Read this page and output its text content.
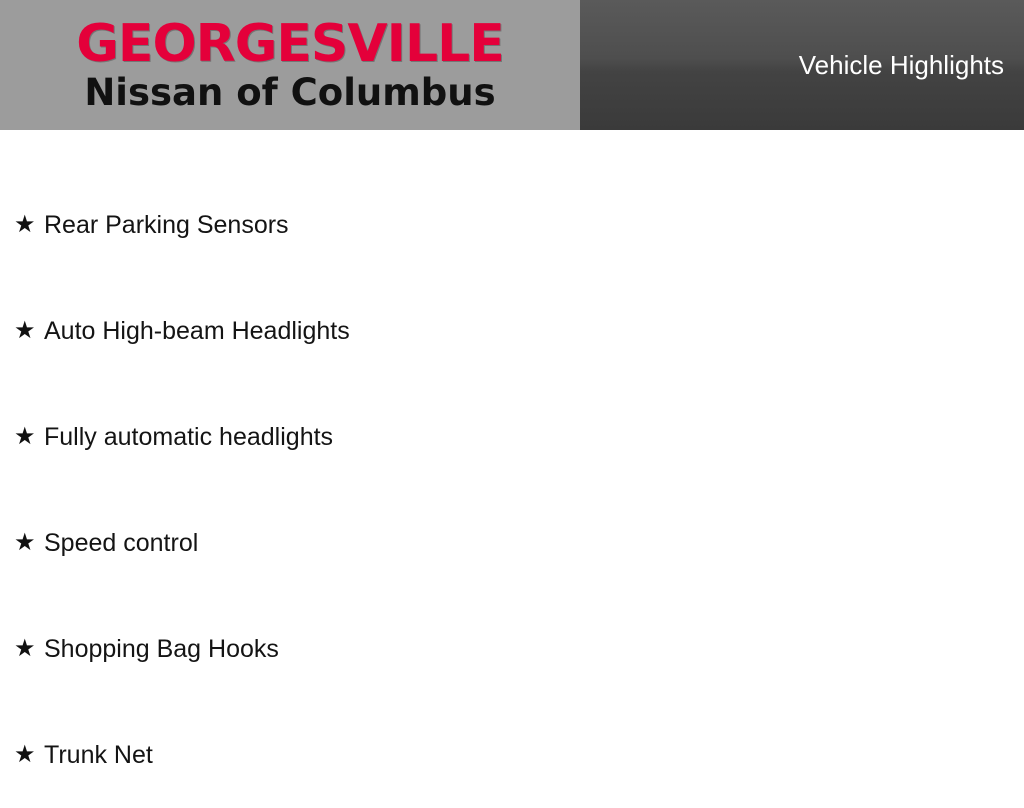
GEORGESVILLE
Nissan of Columbus
Vehicle Highlights
★ Rear Parking Sensors
★ Auto High-beam Headlights
★ Fully automatic headlights
★ Speed control
★ Shopping Bag Hooks
★ Trunk Net
